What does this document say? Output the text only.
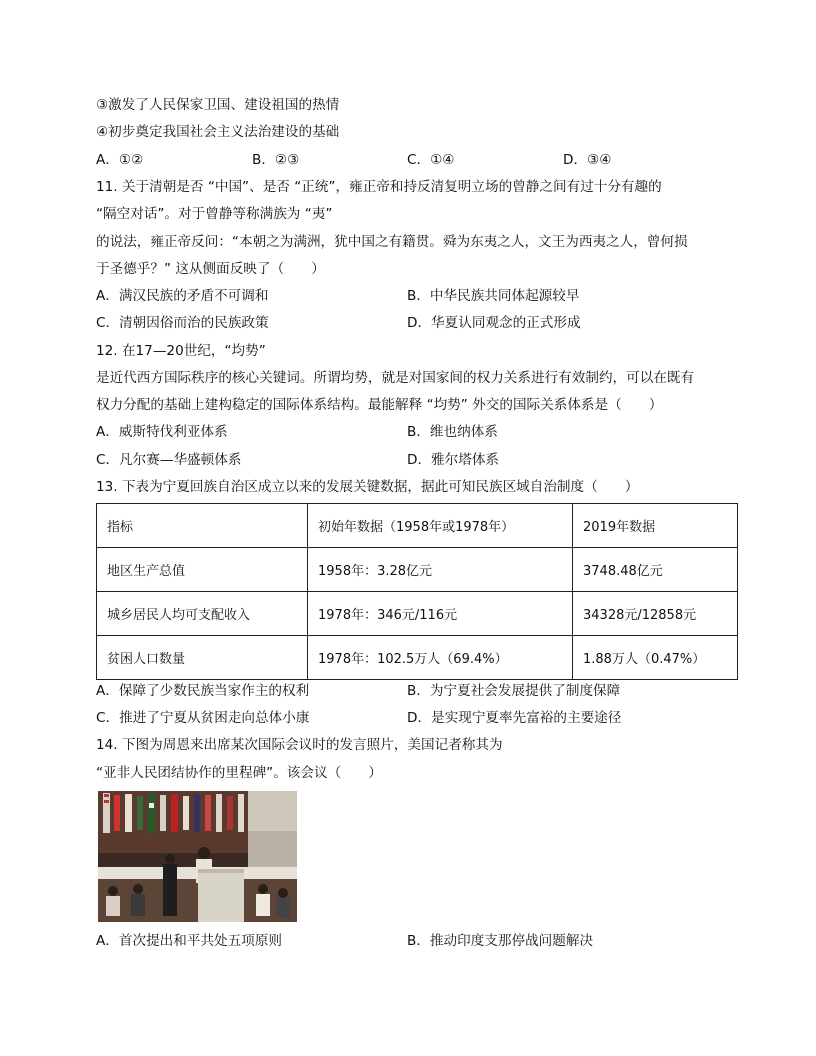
③激发了人民保家卫国、建设祖国的热情
④初步奠定我国社会主义法治建设的基础
A．①②	B．②③	C．①④	D．③④
11. 关于清朝是否 “中国”、是否 “正统”，雍正帝和持反清复明立场的曾静之间有过十分有趣的
“隔空对话”。对于曾静等称满族为 “夷”
的说法，雍正帝反问：“本朝之为满洲，犹中国之有籍贯。舜为东夷之人，文王为西夷之人，曾何损
于圣德乎？” 这从侧面反映了（　　）
A．满汉民族的矛盾不可调和	B．中华民族共同体起源较早
C．清朝因俗而治的民族政策	D．华夏认同观念的正式形成
12. 在17—20世纪，“均势”
是近代西方国际秩序的核心关键词。所谓均势，就是对国家间的权力关系进行有效制约，可以在既有
权力分配的基础上建构稳定的国际体系结构。最能解释 “均势” 外交的国际关系体系是（　　）
A．威斯特伐利亚体系	B．维也纳体系
C．凡尔赛—华盛顿体系	D．雅尔塔体系
13. 下表为宁夏回族自治区成立以来的发展关键数据，据此可知民族区域自治制度（　　）
指标	初始年数据（1958年或1978年）	2019年数据
地区生产总值	1958年：3.28亿元	3748.48亿元
城乡居民人均可支配收入	1978年：346元/116元	34328元/12858元
贫困人口数量	1978年：102.5万人（69.4%）	1.88万人（0.47%）
A．保障了少数民族当家作主的权利	B．为宁夏社会发展提供了制度保障
C．推进了宁夏从贫困走向总体小康	D．是实现宁夏率先富裕的主要途径
14. 下图为周恩来出席某次国际会议时的发言照片，美国记者称其为
“亚非人民团结协作的里程碑”。该会议（　　）
A．首次提出和平共处五项原则	B．推动印度支那停战问题解决
